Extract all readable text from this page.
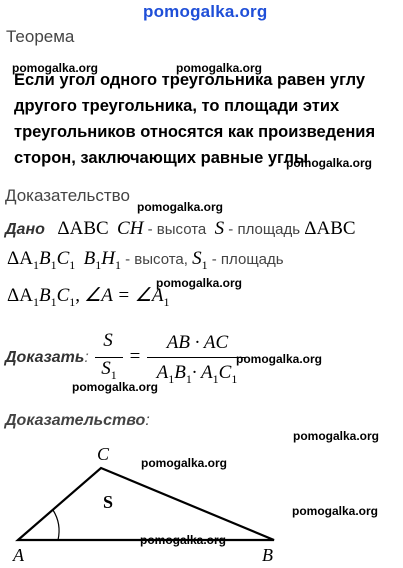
pomogalka.org
Теорема
pomogalka.org	pomogalka.org
Если угол одного треугольника равен углу
другого треугольника, то площади этих
треугольников относятся как произведения
сторон, заключающих равные углы
pomogalka.org
Доказательство
pomogalka.org
Дано ΔABC CH - высота S - площадь ΔABC
$\Delta A_1B_1C_1$ $B_1H_1$ - высота, $S_1$ - площадь
pomogalka.org
$\Delta A_1B_1C_1$, ∠A = $\angle A_1$
Доказать:
S
$S_1$
=
AB · AC
$A_1B_1\cdot A_1C_1$
pomogalka.org
pomogalka.org
Доказательство:
pomogalka.org
pomogalka.org
pomogalka.org
pomogalka.org
A	B
C
S
